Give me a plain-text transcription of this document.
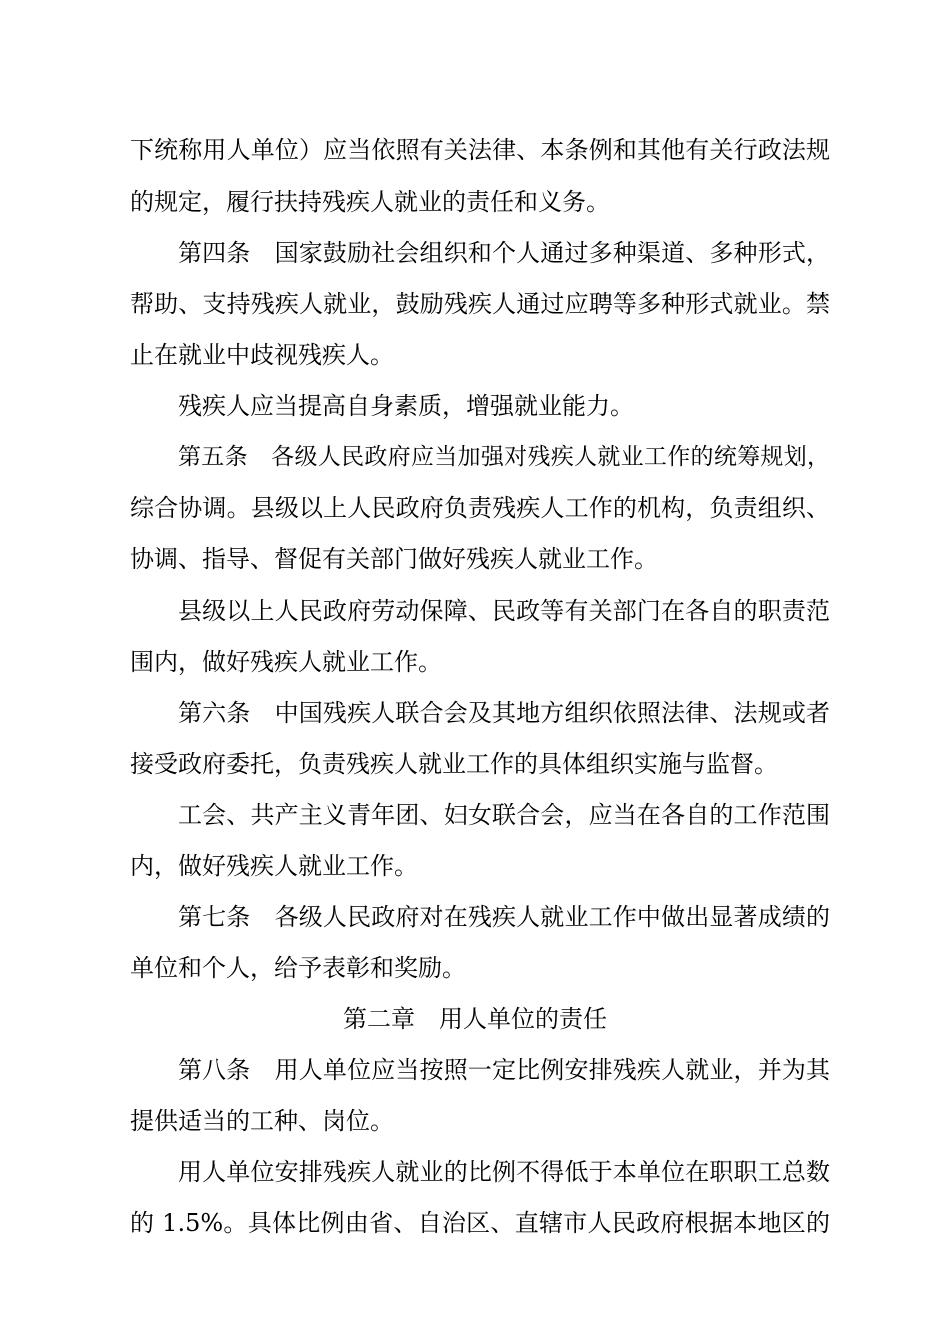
下统称用人单位）应当依照有关法律、本条例和其他有关行政法规
的规定，履行扶持残疾人就业的责任和义务。
第四条　国家鼓励社会组织和个人通过多种渠道、多种形式，
帮助、支持残疾人就业，鼓励残疾人通过应聘等多种形式就业。禁
止在就业中歧视残疾人。
残疾人应当提高自身素质，增强就业能力。
第五条　各级人民政府应当加强对残疾人就业工作的统筹规划，
综合协调。县级以上人民政府负责残疾人工作的机构，负责组织、
协调、指导、督促有关部门做好残疾人就业工作。
县级以上人民政府劳动保障、民政等有关部门在各自的职责范
围内，做好残疾人就业工作。
第六条　中国残疾人联合会及其地方组织依照法律、法规或者
接受政府委托，负责残疾人就业工作的具体组织实施与监督。
工会、共产主义青年团、妇女联合会，应当在各自的工作范围
内，做好残疾人就业工作。
第七条　各级人民政府对在残疾人就业工作中做出显著成绩的
单位和个人，给予表彰和奖励。
第二章　用人单位的责任
第八条　用人单位应当按照一定比例安排残疾人就业，并为其
提供适当的工种、岗位。
用人单位安排残疾人就业的比例不得低于本单位在职职工总数
的 1.5%。具体比例由省、自治区、直辖市人民政府根据本地区的
